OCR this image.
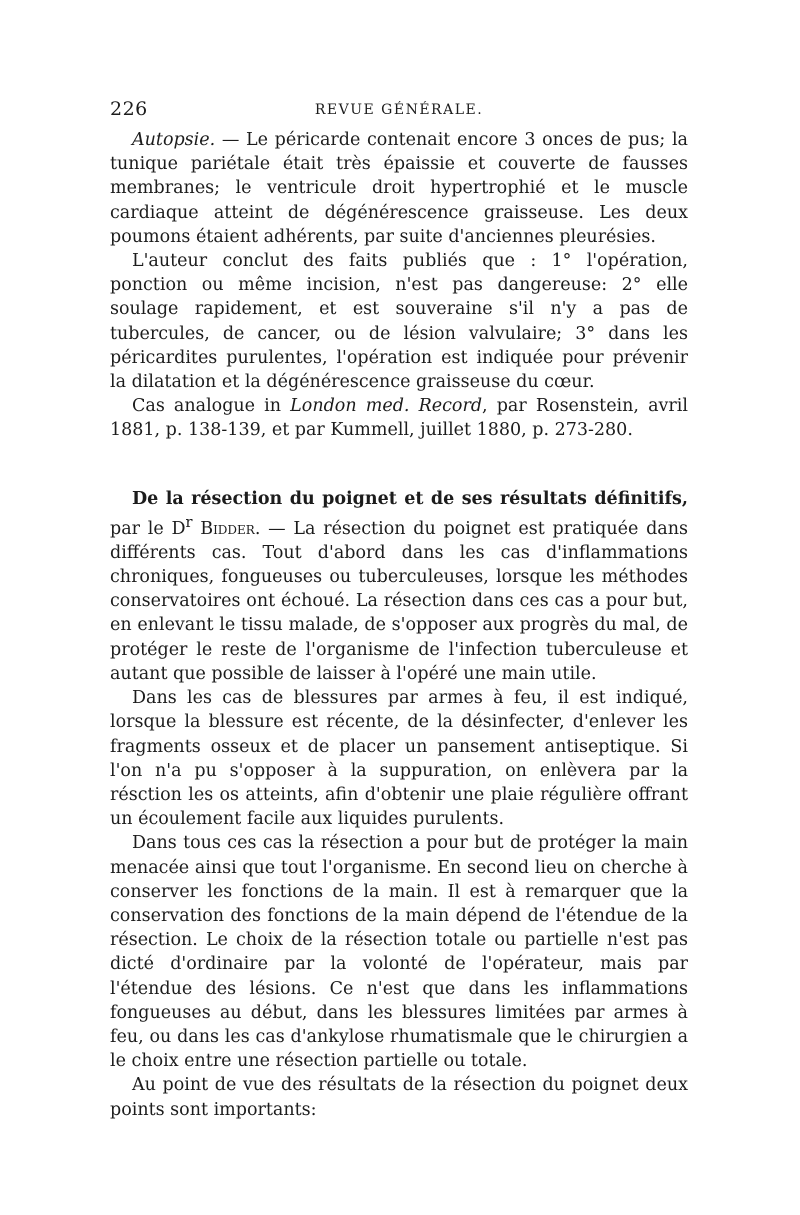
226	REVUE GÉNÉRALE.

Autopsie. — Le péricarde contenait encore 3 onces de pus; la tunique pariétale était très épaissie et couverte de fausses membranes; le ventricule droit hypertrophié et le muscle cardiaque atteint de dégénérescence graisseuse. Les deux poumons étaient adhérents, par suite d'anciennes pleurésies.

L'auteur conclut des faits publiés que : 1° l'opération, ponction ou même incision, n'est pas dangereuse: 2° elle soulage rapidement, et est souveraine s'il n'y a pas de tubercules, de cancer, ou de lésion valvulaire; 3° dans les péricardites purulentes, l'opération est indiquée pour prévenir la dilatation et la dégénérescence graisseuse du cœur.

Cas analogue in London med. Record, par Rosenstein, avril 1881, p. 138-139, et par Kummell, juillet 1880, p. 273-280.

De la résection du poignet et de ses résultats définitifs, par le $D^r$ Bidder. — La résection du poignet est pratiquée dans différents cas. Tout d'abord dans les cas d'inflammations chroniques, fongueuses ou tuberculeuses, lorsque les méthodes conservatoires ont échoué. La résection dans ces cas a pour but, en enlevant le tissu malade, de s'opposer aux progrès du mal, de protéger le reste de l'organisme de l'infection tuberculeuse et autant que possible de laisser à l'opéré une main utile.

Dans les cas de blessures par armes à feu, il est indiqué, lorsque la blessure est récente, de la désinfecter, d'enlever les fragments osseux et de placer un pansement antiseptique. Si l'on n'a pu s'opposer à la suppuration, on enlèvera par la résction les os atteints, afin d'obtenir une plaie régulière offrant un écoulement facile aux liquides purulents.

Dans tous ces cas la résection a pour but de protéger la main menacée ainsi que tout l'organisme. En second lieu on cherche à conserver les fonctions de la main. Il est à remarquer que la conservation des fonctions de la main dépend de l'étendue de la résection. Le choix de la résection totale ou partielle n'est pas dicté d'ordinaire par la volonté de l'opérateur, mais par l'étendue des lésions. Ce n'est que dans les inflammations fongueuses au début, dans les blessures limitées par armes à feu, ou dans les cas d'ankylose rhumatismale que le chirurgien a le choix entre une résection partielle ou totale.

Au point de vue des résultats de la résection du poignet deux points sont importants:
